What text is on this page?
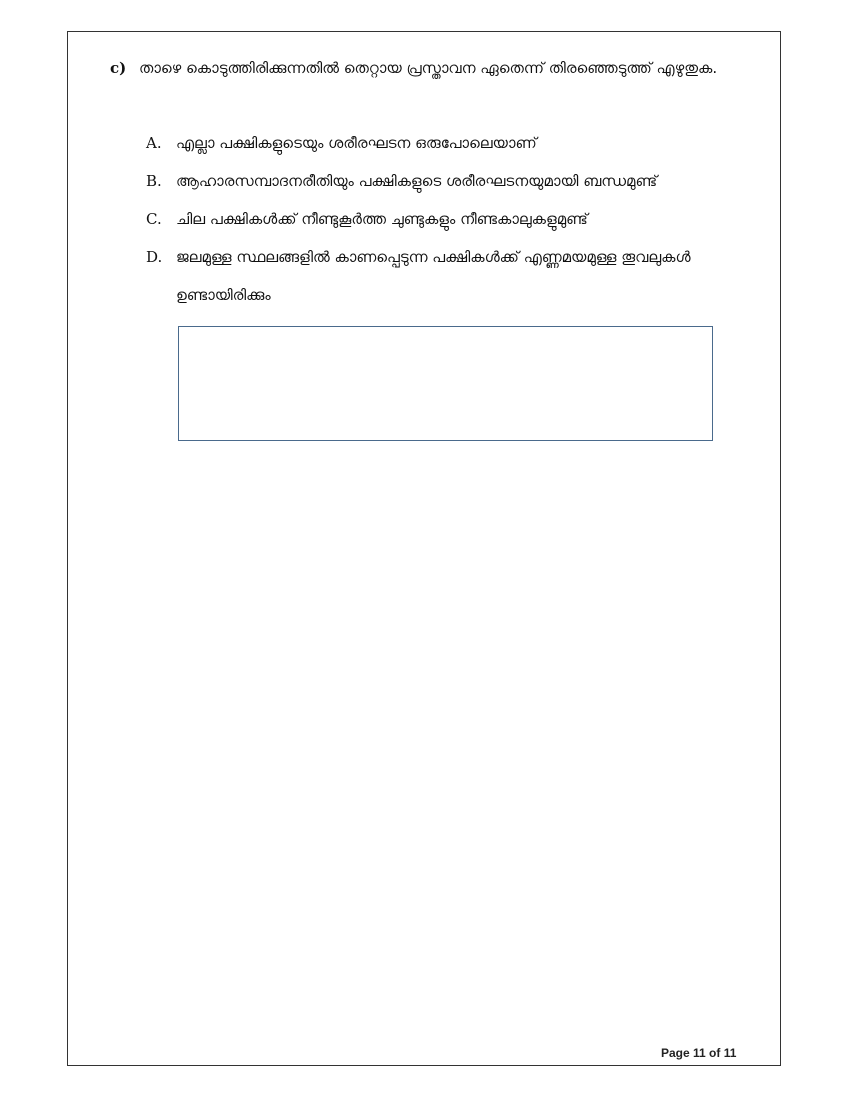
c) താഴെ കൊടുത്തിരിക്കുന്നതിൽ തെറ്റായ പ്രസ്താവന ഏതെന്ന് തിരഞ്ഞെടുത്ത് എഴുതുക.
A. എല്ലാ പക്ഷികളുടെയും ശരീരഘടന ഒരുപോലെയാണ്
B. ആഹാരസമ്പാദനരീതിയും പക്ഷികളുടെ ശരീരഘടനയുമായി ബന്ധമുണ്ട്
C. ചില പക്ഷികൾക്ക് നീണ്ടുകൂർത്ത ചുണ്ടുകളും നീണ്ടകാലുകളുമുണ്ട്
D. ജലമുള്ള സ്ഥലങ്ങളിൽ കാണപ്പെടുന്ന പക്ഷികൾക്ക് എണ്ണമയമുള്ള തൂവലുകൾ ഉണ്ടായിരിക്കും
Page 11 of 11
